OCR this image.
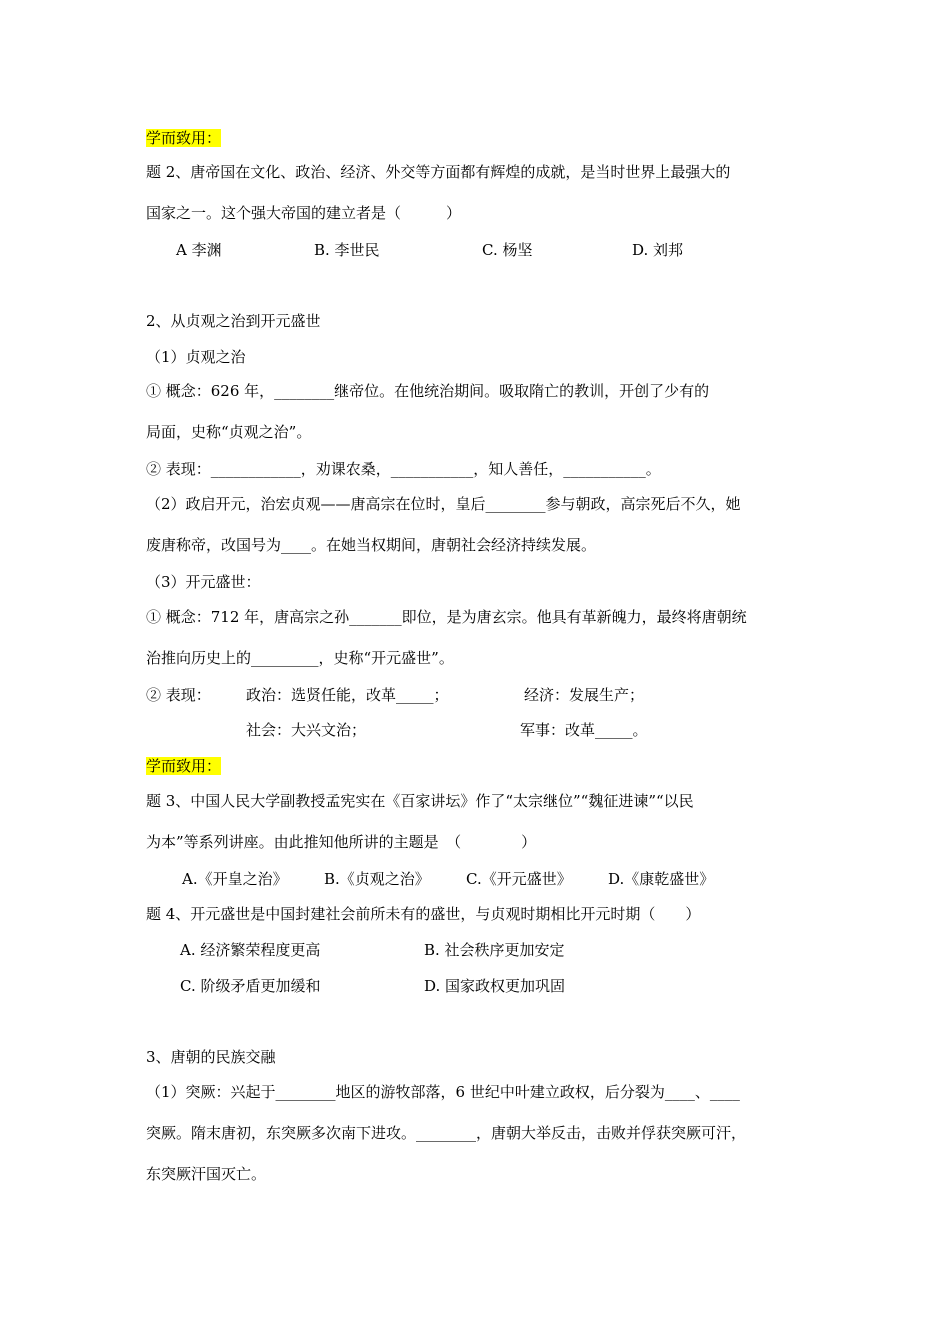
学而致用：
题 2、唐帝国在文化、政治、经济、外交等方面都有辉煌的成就，是当时世界上最强大的
国家之一。这个强大帝国的建立者是（　　　）
A 李渊	B. 李世民	C. 杨坚	D. 刘邦
2、从贞观之治到开元盛世
（1）贞观之治
① 概念：626 年，________继帝位。在他统治期间。吸取隋亡的教训，开创了少有的
局面，史称“贞观之治”。
② 表现：____________，劝课农桑，___________，知人善任，___________。
（2）政启开元，治宏贞观——唐高宗在位时，皇后________参与朝政，高宗死后不久，她
废唐称帝，改国号为____。在她当权期间，唐朝社会经济持续发展。
（3）开元盛世：
① 概念：712 年，唐高宗之孙_______即位，是为唐玄宗。他具有革新魄力，最终将唐朝统
治推向历史上的_________，史称“开元盛世”。
② 表现： 政治：选贤任能，改革_____；	经济：发展生产；
社会：大兴文治；	军事：改革_____。
学而致用：
题 3、中国人民大学副教授孟宪实在《百家讲坛》作了“太宗继位”“魏征进谏”“以民
为本”等系列讲座。由此推知他所讲的主题是　（　　　　）
A.《开皇之治》 B.《贞观之治》 C.《开元盛世》 D.《康乾盛世》
题 4、开元盛世是中国封建社会前所未有的盛世，与贞观时期相比开元时期（　　）
A. 经济繁荣程度更高	B. 社会秩序更加安定
C. 阶级矛盾更加缓和	D. 国家政权更加巩固
3、唐朝的民族交融
（1）突厥：兴起于________地区的游牧部落，6 世纪中叶建立政权，后分裂为____、____
突厥。隋末唐初，东突厥多次南下进攻。________，唐朝大举反击，击败并俘获突厥可汗，
东突厥汗国灭亡。
